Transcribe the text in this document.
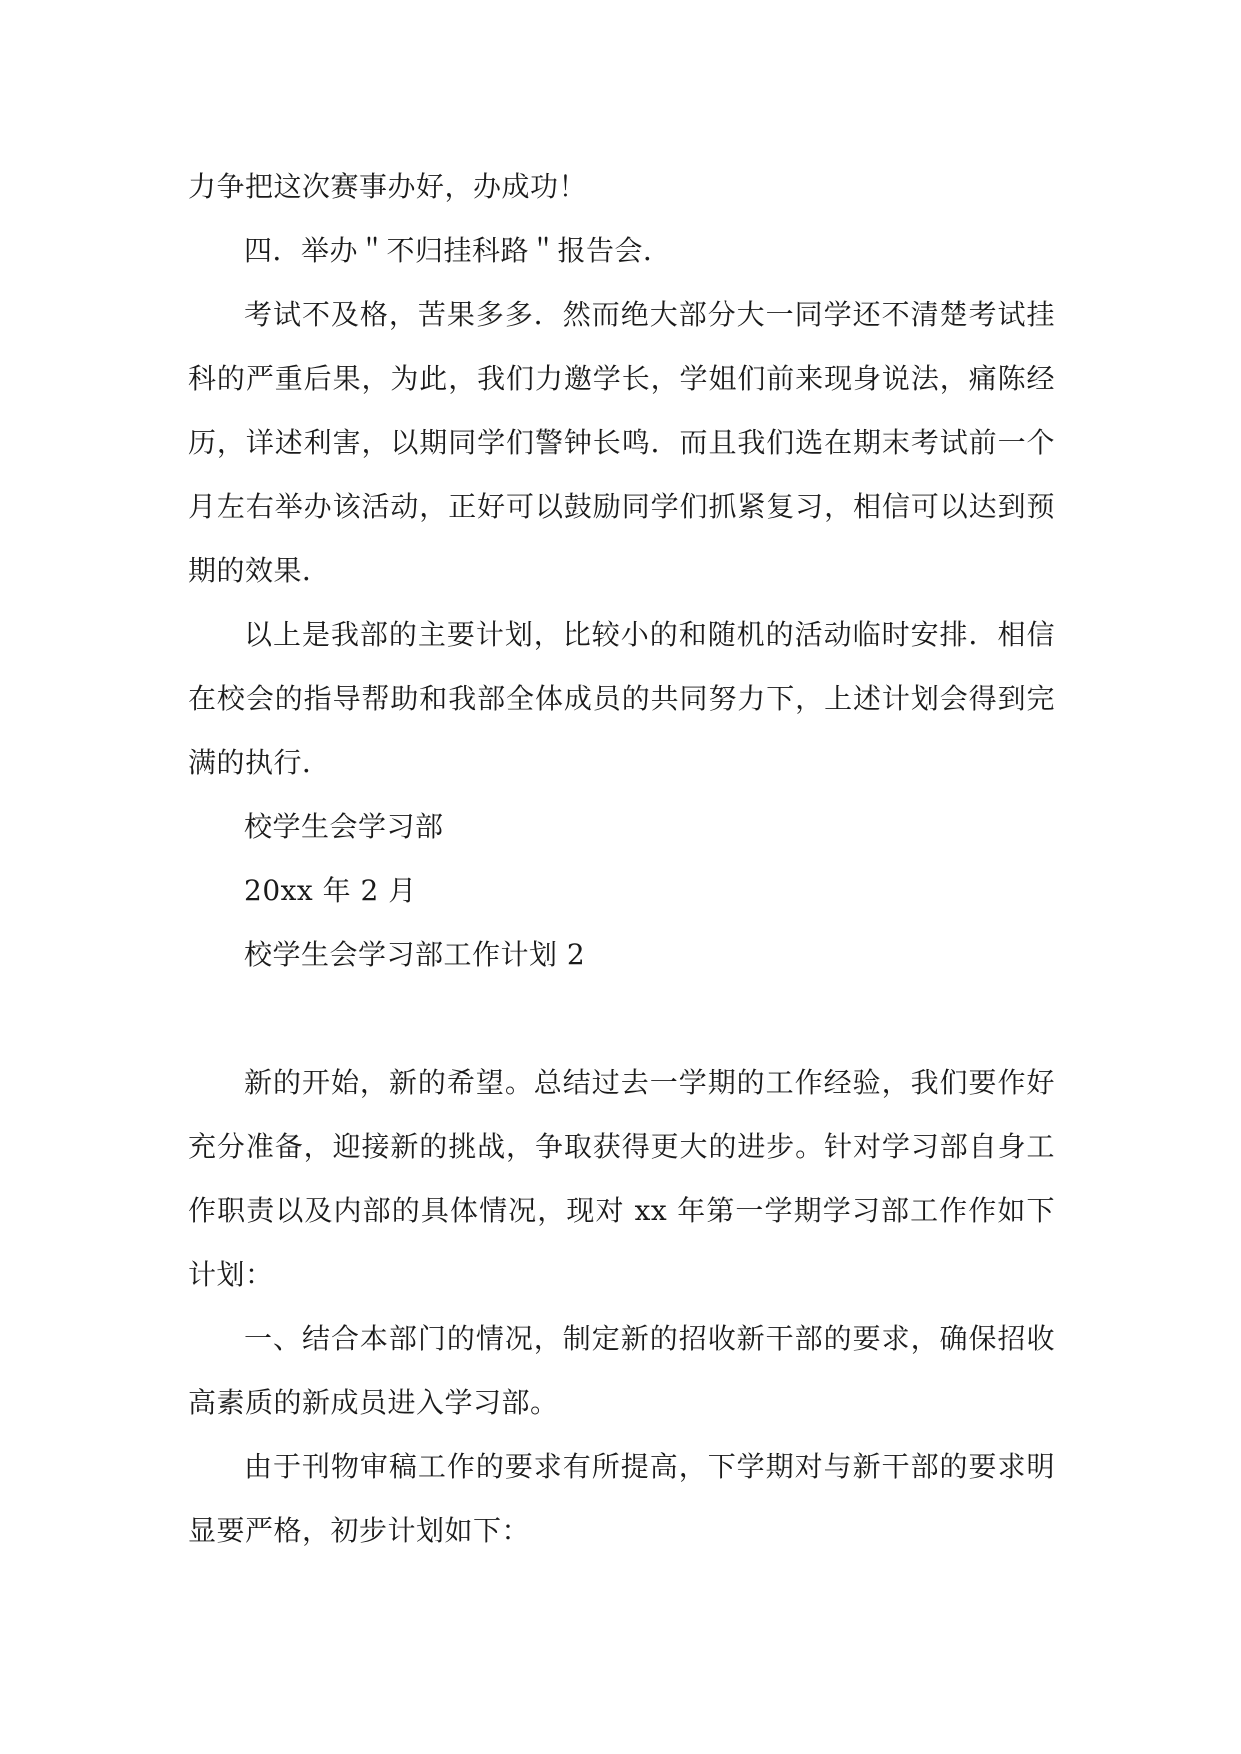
力争把这次赛事办好，办成功！

四．举办＂不归挂科路＂报告会．

考试不及格，苦果多多．然而绝大部分大一同学还不清楚考试挂科的严重后果，为此，我们力邀学长，学姐们前来现身说法，痛陈经历，详述利害，以期同学们警钟长鸣．而且我们选在期末考试前一个月左右举办该活动，正好可以鼓励同学们抓紧复习，相信可以达到预期的效果．

以上是我部的主要计划，比较小的和随机的活动临时安排．相信在校会的指导帮助和我部全体成员的共同努力下，上述计划会得到完满的执行．

校学生会学习部

20xx 年 2 月

校学生会学习部工作计划 2

新的开始，新的希望。总结过去一学期的工作经验，我们要作好充分准备，迎接新的挑战，争取获得更大的进步。针对学习部自身工作职责以及内部的具体情况，现对 xx 年第一学期学习部工作作如下计划：

一、结合本部门的情况，制定新的招收新干部的要求，确保招收高素质的新成员进入学习部。

由于刊物审稿工作的要求有所提高，下学期对与新干部的要求明显要严格，初步计划如下：
